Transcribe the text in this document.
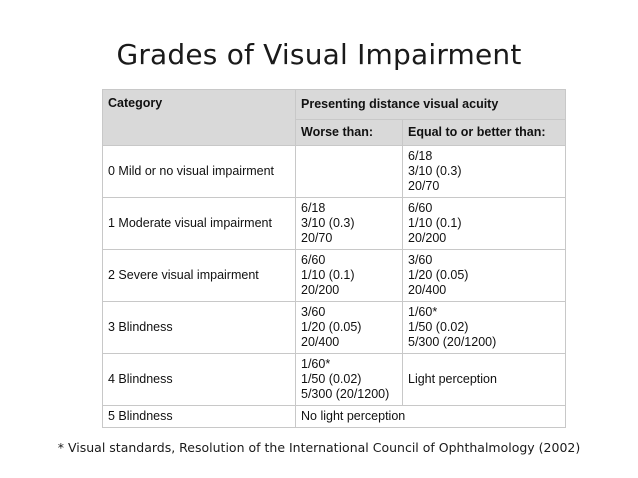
Grades of Visual Impairment
Category	Presenting distance visual acuity	
	Worse than:	Equal to or better than:
0 Mild or no visual impairment		6/18
3/10 (0.3)
20/70

1 Moderate visual impairment	6/18
3/10 (0.3)
20/70	6/60
1/10 (0.1)
20/200

2 Severe visual impairment	6/60
1/10 (0.1)
20/200	3/60
1/20 (0.05)
20/400

3 Blindness	3/60
1/20 (0.05)
20/400	1/60*
1/50 (0.02)
5/300 (20/1200)

4 Blindness	1/60*
1/50 (0.02)
5/300 (20/1200)	Light perception

5 Blindness	No light perception	
* Visual standards, Resolution of the International Council of Ophthalmology (2002)
